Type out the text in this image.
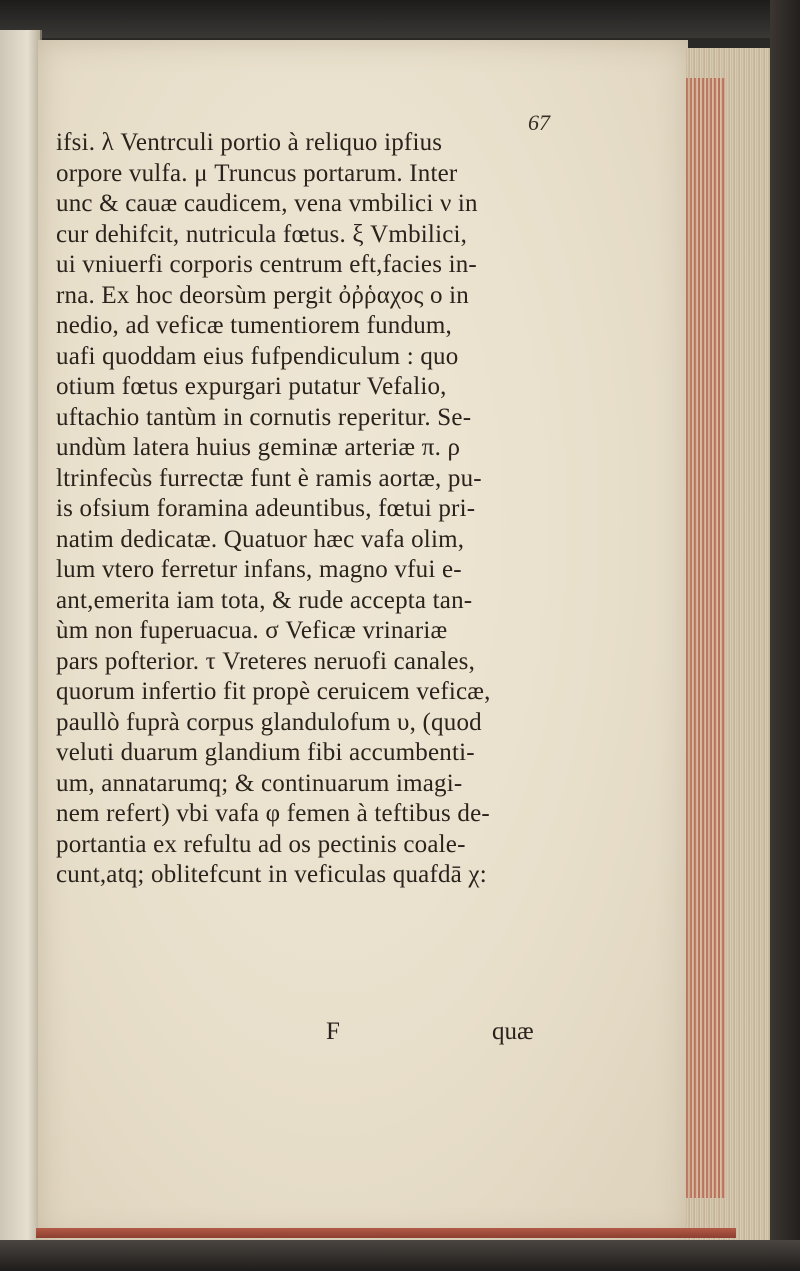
67
ifsi. λ Ventrculi portio à reliquo ipfius
orpore vulfa. μ Truncus portarum. Inter
unc & cauæ caudicem, vena vmbilici ν in
cur dehifcit, nutricula fœtus. ξ Vmbilici,
ui vniuerfi corporis centrum eft,facies in-
rna. Ex hoc deorsùm pergit ὀῤῥαχος ο in
nedio, ad veficæ tumentiorem fundum,
uafi quoddam eius fufpendiculum : quo
otium fœtus expurgari putatur Vefalio,
uftachio tantùm in cornutis reperitur. Se-
undùm latera huius geminæ arteriæ π. ρ
ltrinfecùs furrectæ funt è ramis aortæ, pu-
is ofsium foramina adeuntibus, fœtui pri-
natim dedicatæ. Quatuor hæc vafa olim,
lum vtero ferretur infans, magno vfui e-
ant,emerita iam tota, & rude accepta tan-
ùm non fuperuacua. σ Veficæ vrinariæ
pars pofterior. τ Vreteres neruofi canales,
quorum infertio fit propè ceruicem veficæ,
paullò fuprà corpus glandulofum υ, (quod
veluti duarum glandium fibi accumbenti-
um, annatarumq; & continuarum imagi-
nem refert) vbi vafa φ femen à teftibus de-
portantia ex refultu ad os pectinis coale-
cunt,atq; oblitefcunt in veficulas quafdā χ:
F	quæ
